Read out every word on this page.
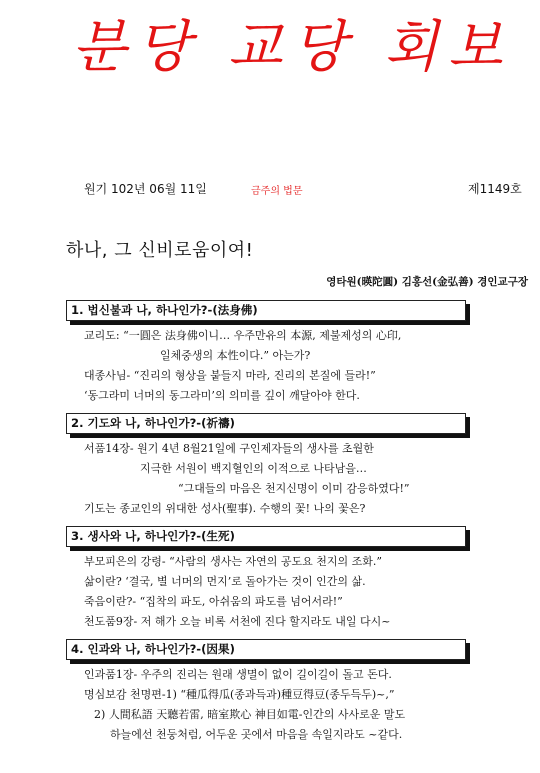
분당 교당 회보
원기 102년 06월 11일	금주의 법문	제1149호
하나, 그 신비로움이여!
영타원(暎陀圓) 김홍선(金弘善) 경인교구장
1. 법신불과 나, 하나인가?-(法身佛)
교리도: “一圓은 法身佛이니… 우주만유의 本源, 제불제성의 心印,
일체중생의 本性이다.” 아는가?
대종사님- “진리의 형상을 붙들지 마라, 진리의 본질에 들라!”
‘동그라미 너머의 동그라미’의 의미를 깊이 깨달아야 한다.
2. 기도와 나, 하나인가?-(祈禱)
서품14장- 원기 4년 8월21일에 구인제자들의 생사를 초월한
지극한 서원이 백지혈인의 이적으로 나타남을…
“그대들의 마음은 천지신명이 이미 감응하였다!”
기도는 종교인의 위대한 성사(聖事). 수행의 꽃! 나의 꽃은?
3. 생사와 나, 하나인가?-(生死)
부모피은의 강령- “사람의 생사는 자연의 공도요 천지의 조화.”
삶이란? ‘결국, 별 너머의 먼지’로 돌아가는 것이 인간의 삶.
죽음이란?- “집착의 파도, 아쉬움의 파도를 넘어서라!”
천도품9장- 저 해가 오늘 비록 서천에 진다 할지라도 내일 다시~
4. 인과와 나, 하나인가?-(因果)
인과품1장- 우주의 진리는 원래 생멸이 없이 길이길이 돌고 돈다.
명심보감 천명편-1) “種瓜得瓜(종과득과)種豆得豆(종두득두)~,”
2) 人間私語 天聽若雷, 暗室欺心 神目如電-인간의 사사로운 말도
하늘에선 천둥처럼, 어두운 곳에서 마음을 속일지라도 ~같다.
